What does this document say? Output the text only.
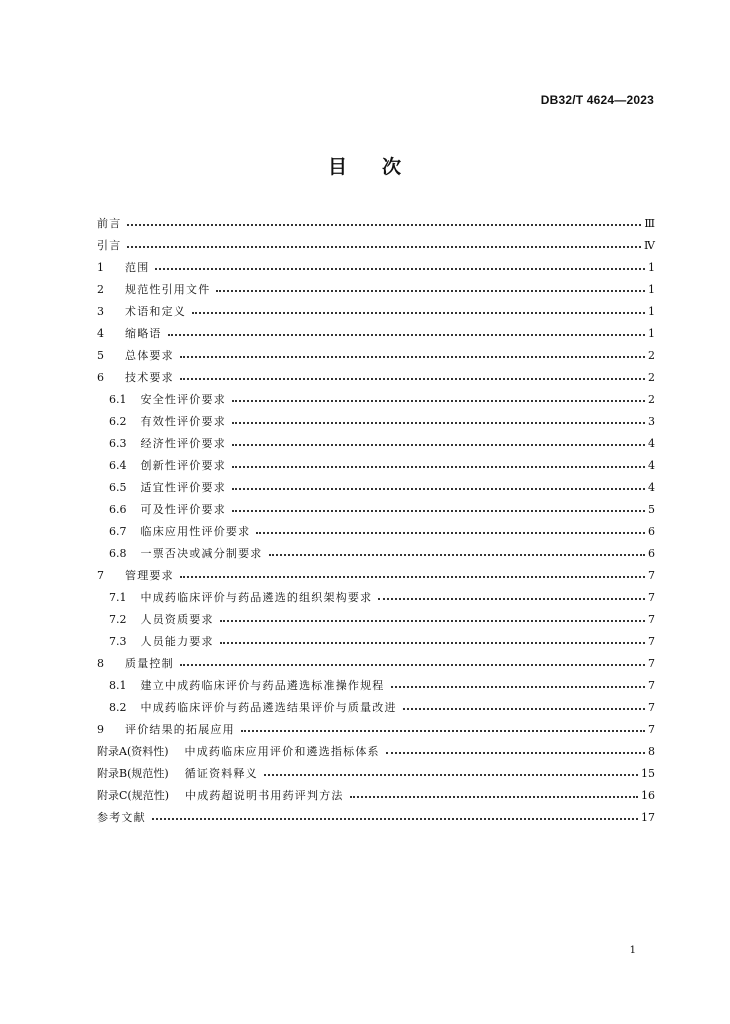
DB32/T 4624—2023
目 次
前言	Ⅲ
引言	Ⅳ
1	范围	1
2	规范性引用文件	1
3	术语和定义	1
4	缩略语	1
5	总体要求	2
6	技术要求	2
6.1 安全性评价要求	2
6.2 有效性评价要求	3
6.3 经济性评价要求	4
6.4 创新性评价要求	4
6.5 适宜性评价要求	4
6.6 可及性评价要求	5
6.7 临床应用性评价要求	6
6.8 一票否决或减分制要求	6
7	管理要求	7
7.1 中成药临床评价与药品遴选的组织架构要求	7
7.2 人员资质要求	7
7.3 人员能力要求	7
8	质量控制	7
8.1 建立中成药临床评价与药品遴选标准操作规程	7
8.2 中成药临床评价与药品遴选结果评价与质量改进	7
9	评价结果的拓展应用	7
附录A(资料性) 中成药临床应用评价和遴选指标体系	8
附录B(规范性) 循证资料释义	15
附录C(规范性) 中成药超说明书用药评判方法	16
参考文献	17
1
